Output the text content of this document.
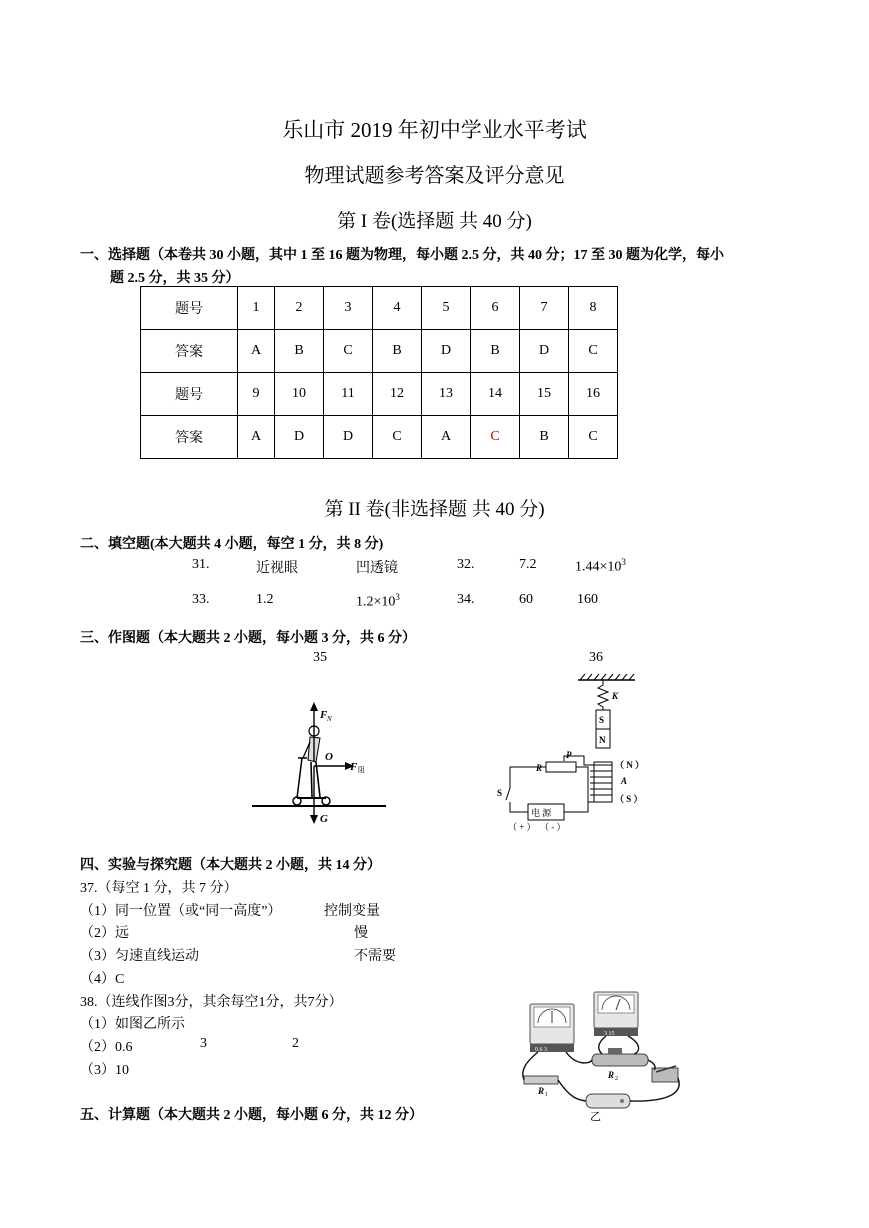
乐山市 2019 年初中学业水平考试
物理试题参考答案及评分意见
第 I 卷(选择题 共 40 分)
一、选择题（本卷共 30 小题，其中 1 至 16 题为物理，每小题 2.5 分，共 40 分；17 至 30 题为化学，每小
题 2.5 分，共 35 分）
题号	1	2	3	4	5	6	7	8
答案	A	B	C	B	D	B	D	C
题号	9	10	11	12	13	14	15	16
答案	A	D	D	C	A	C	B	C
第 II 卷(非选择题 共 40 分)
二、填空题(本大题共 4 小题，每空 1 分，共 8 分)
31.	近视眼	凹透镜	32.	7.2	$1.44\times 10^3$
33.	1.2	$1.2\times 10^3$	34.	60	160
三、作图题（本大题共 2 小题，每小题 3 分，共 6 分）
35	36
F N
O
F 阻
G
K
S
N
（ N ）
A
（ S ）
R
P
S
电 源
（ + ） （ - ）
四、实验与探究题（本大题共 2 小题，共 14 分）
37.（每空 1 分，共 7 分）
（1）同一位置（或“同一高度”）	控制变量
（2）远	慢
（3）匀速直线运动	不需要
（4）C
38.（连线作图3分，其余每空1分，共7分）
（1）如图乙所示
（2）0.6	3	2
（3）10
0.6 3
3 15
R 2
R 1
乙
五、计算题（本大题共 2 小题，每小题 6 分，共 12 分）
